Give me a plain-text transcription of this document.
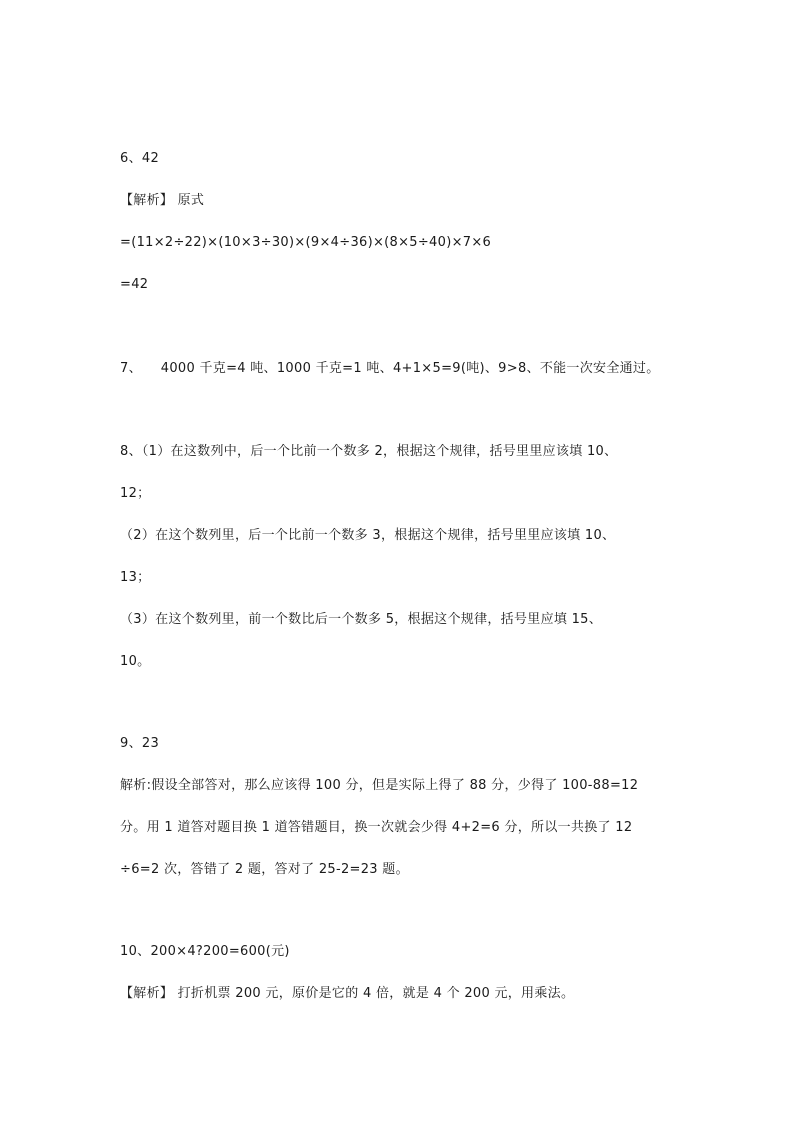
6、42
【解析】 原式
=(11×2÷22)×(10×3÷30)×(9×4÷36)×(8×5÷40)×7×6
=42
7、 4000 千克=4 吨、1000 千克=1 吨、4+1×5=9(吨)、9>8、不能一次安全通过。
8、（1）在这数列中，后一个比前一个数多 2，根据这个规律，括号里里应该填 10、
12；
（2）在这个数列里，后一个比前一个数多 3，根据这个规律，括号里里应该填 10、
13；
（3）在这个数列里，前一个数比后一个数多 5，根据这个规律，括号里应填 15、
10。
9、23
解析:假设全部答对，那么应该得 100 分，但是实际上得了 88 分，少得了 100-88=12
分。用 1 道答对题目换 1 道答错题目，换一次就会少得 4+2=6 分，所以一共换了 12
÷6=2 次，答错了 2 题，答对了 25-2=23 题。
10、200×4?200=600(元)
【解析】 打折机票 200 元，原价是它的 4 倍，就是 4 个 200 元，用乘法。
